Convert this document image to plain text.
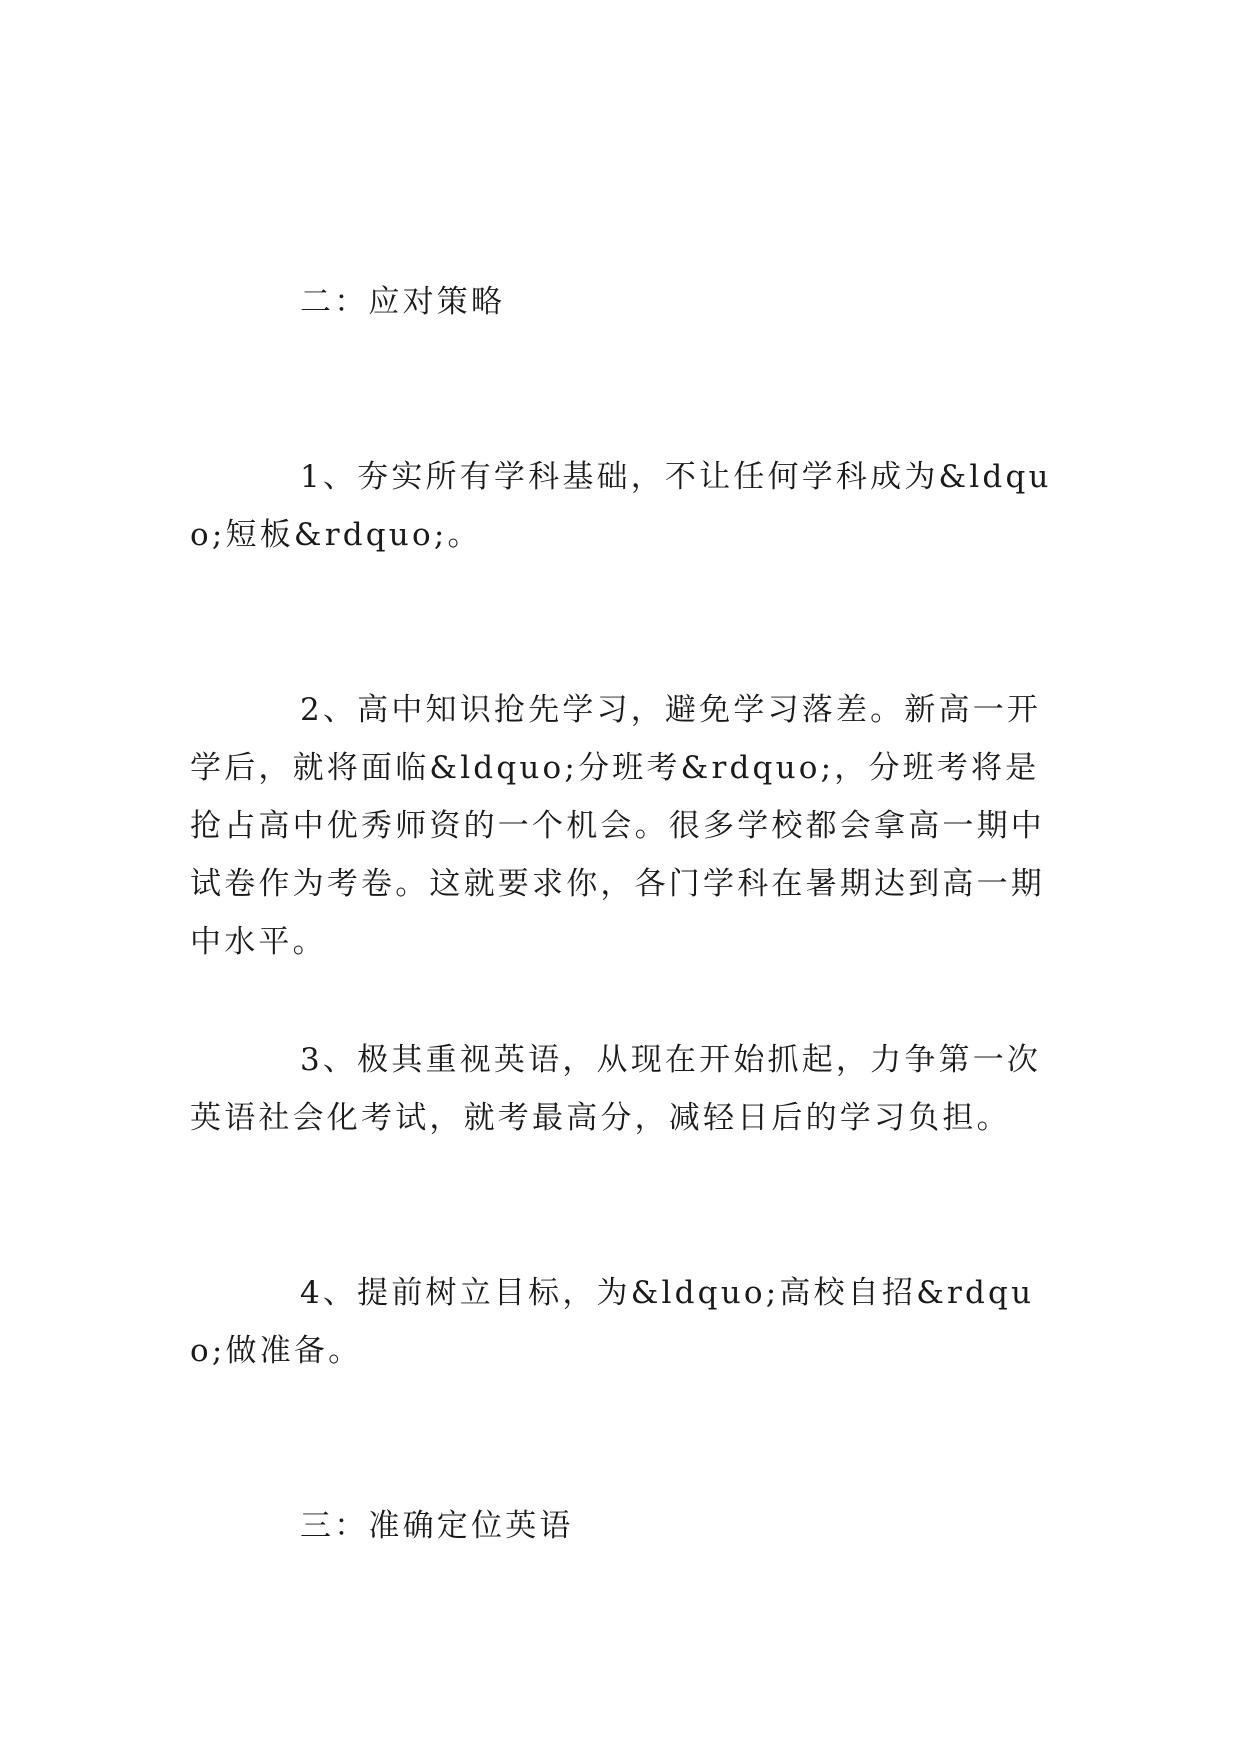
二：应对策略

1、夯实所有学科基础，不让任何学科成为&ldquo;短板&rdquo;。

2、高中知识抢先学习，避免学习落差。新高一开学后，就将面临&ldquo;分班考&rdquo;，分班考将是抢占高中优秀师资的一个机会。很多学校都会拿高一期中试卷作为考卷。这就要求你，各门学科在暑期达到高一期中水平。

3、极其重视英语，从现在开始抓起，力争第一次英语社会化考试，就考最高分，减轻日后的学习负担。

4、提前树立目标，为&ldquo;高校自招&rdquo;做准备。

三：准确定位英语
